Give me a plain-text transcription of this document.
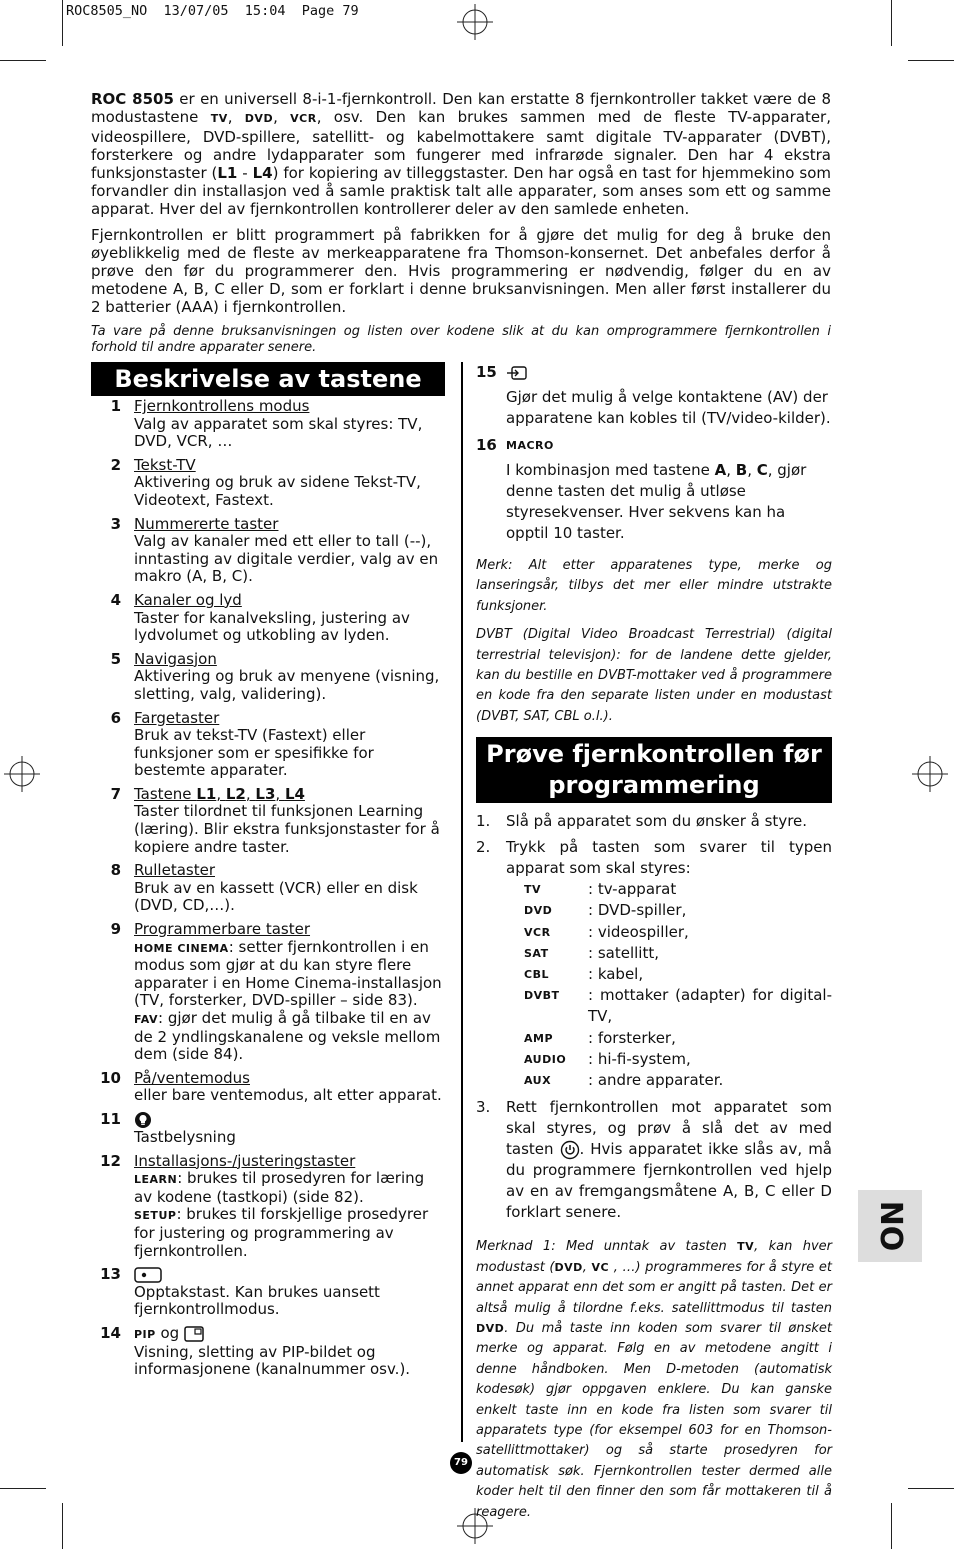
ROC8505_NO  13/07/05  15:04  Page 79

ROC 8505 er en universell 8-i-1-fjernkontroll. Den kan erstatte 8 fjernkontroller takket være de 8 modustastene TV, DVD, VCR, osv. Den kan brukes sammen med de fleste TV-apparater, videospillere, DVD-spillere, satellitt- og kabelmottakere samt digitale TV-apparater (DVBT), forsterkere og andre lydapparater som fungerer med infrarøde signaler. Den har 4 ekstra funksjonstaster (L1 - L4) for kopiering av tilleggstaster. Den har også en tast for hjemmekino som forvandler din installasjon ved å samle praktisk talt alle apparater, som anses som ett og samme apparat. Hver del av fjernkontrollen kontrollerer deler av den samlede enheten.

Fjernkontrollen er blitt programmert på fabrikken for å gjøre det mulig for deg å bruke den øyeblikkelig med de fleste av merkeapparatene fra Thomson-konsernet. Det anbefales derfor å prøve den før du programmerer den. Hvis programmering er nødvendig, følger du en av metodene A, B, C eller D, som er forklart i denne bruksanvisningen. Men aller først installerer du 2 batterier (AAA) i fjernkontrollen.

Ta vare på denne bruksanvisningen og listen over kodene slik at du kan omprogrammere fjernkontrollen i forhold til andre apparater senere.

Beskrivelse av tastene
1 Fjernkontrollens modus
Valg av apparatet som skal styres: TV, DVD, VCR, …
2 Tekst-TV
Aktivering og bruk av sidene Tekst-TV, Videotext, Fastext.
3 Nummererte taster
Valg av kanaler med ett eller to tall (--), inntasting av digitale verdier, valg av en makro (A, B, C).
4 Kanaler og lyd
Taster for kanalveksling, justering av lydvolumet og utkobling av lyden.
5 Navigasjon
Aktivering og bruk av menyene (visning, sletting, valg, validering).
6 Fargetaster
Bruk av tekst-TV (Fastext) eller funksjoner som er spesifikke for bestemte apparater.
7 Tastene L1, L2, L3, L4
Taster tilordnet til funksjonen Learning (læring). Blir ekstra funksjonstaster for å kopiere andre taster.
8 Rulletaster
Bruk av en kassett (VCR) eller en disk (DVD, CD,…).
9 Programmerbare taster
HOME CINEMA: setter fjernkontrollen i en modus som gjør at du kan styre flere apparater i en Home Cinema-installasjon (TV, forsterker, DVD-spiller – side 83).
FAV: gjør det mulig å gå tilbake til en av de 2 yndlingskanalene og veksle mellom dem (side 84).
10 På/ventemodus
eller bare ventemodus, alt etter apparat.
11
Tastbelysning
12 Installasjons-/justeringstaster
LEARN: brukes til prosedyren for læring av kodene (tastkopi) (side 82).
SETUP: brukes til forskjellige prosedyrer for justering og programmering av fjernkontrollen.
13
Opptakstast. Kan brukes uansett fjernkontrollmodus.
14	PIP og
Visning, sletting av PIP-bildet og informasjonene (kanalnummer osv.).
15
Gjør det mulig å velge kontaktene (AV) der apparatene kan kobles til (TV/video-kilder).
16 MACRO
I kombinasjon med tastene A, B, C, gjør denne tasten det mulig å utløse styresekvenser. Hver sekvens kan ha opptil 10 taster.

Merk: Alt etter apparatenes type, merke og lanseringsår, tilbys det mer eller mindre utstrakte funksjoner.

DVBT (Digital Video Broadcast Terrestrial) (digital terrestrial televisjon): for de landene dette gjelder, kan du bestille en DVBT-mottaker ved å programmere en kode fra den separate listen under en modustast (DVBT, SAT, CBL o.l.).

Prøve fjernkontrollen før
programmering
1.	Slå på apparatet som du ønsker å styre.
2.	Trykk på tasten som svarer til typen apparat som skal styres:
TV	: tv-apparat
DVD	: DVD-spiller,
VCR	: videospiller,
SAT	: satellitt,
CBL	: kabel,
DVBT	: mottaker (adapter) for digital-TV,
AMP	: forsterker,
AUDIO	: hi-fi-system,
AUX	: andre apparater.
3.	Rett fjernkontrollen mot apparatet som skal styres, og prøv å slå det av med tasten . Hvis apparatet ikke slås av, må du programmere fjernkontrollen ved hjelp av en av fremgangsmåtene A, B, C eller D forklart senere.

Merknad 1: Med unntak av tasten TV, kan hver modustast (DVD, VC , …) programmeres for å styre et annet apparat enn det som er angitt på tasten. Det er altså mulig å tilordne f.eks. satellittmodus til tasten DVD. Du må taste inn koden som svarer til ønsket merke og apparat. Følg en av metodene angitt i denne håndboken. Men D-metoden (automatisk kodesøk) gjør oppgaven enklere. Du kan ganske enkelt taste inn en kode fra listen som svarer til apparatets type (for eksempel 603 for en Thomson-satellittmottaker) og så starte prosedyren for automatisk søk. Fjernkontrollen tester dermed alle koder helt til den finner den som får mottakeren til å reagere.

NO
79
